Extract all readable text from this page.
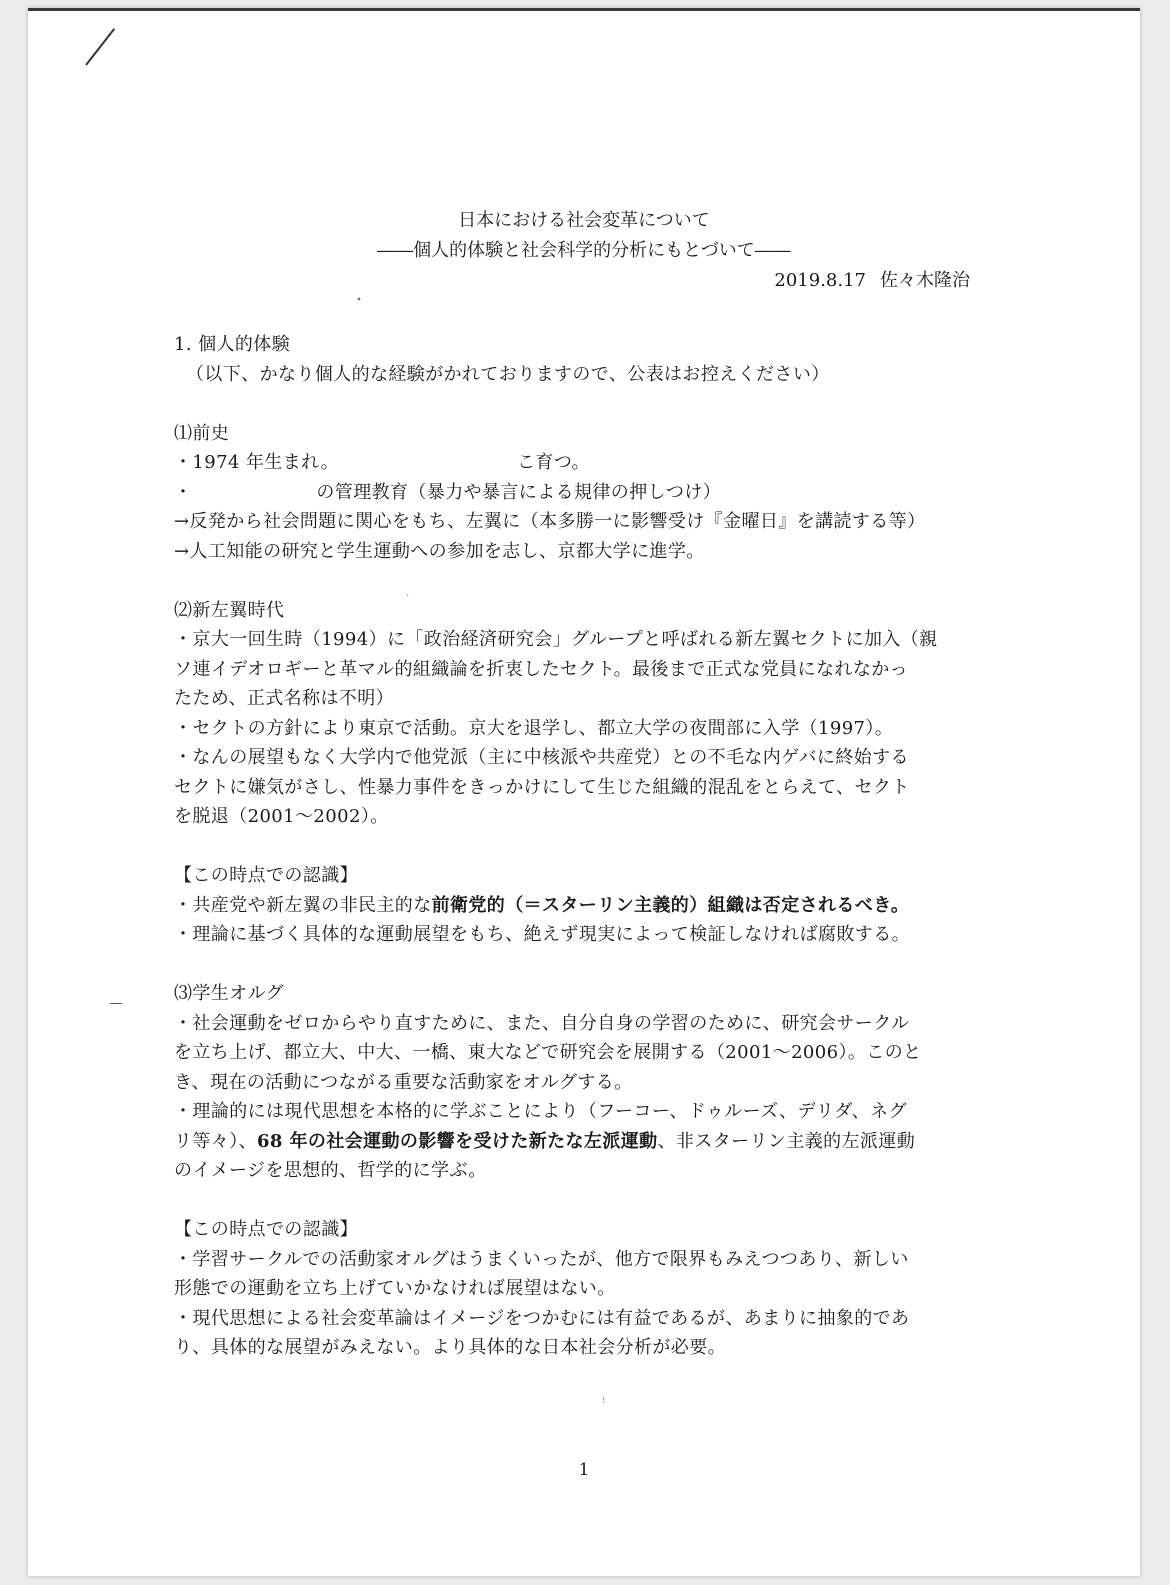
•
·
⁝
日本における社会変革について
――個人的体験と社会科学的分析にもとづいて――
2019.8.17 佐々木隆治

1. 個人的体験

（以下、かなり個人的な経験がかれておりますので、公表はお控えください）

⑴前史

・1974 年生まれ。	こ育つ。

・	の管理教育（暴力や暴言による規律の押しつけ）

→反発から社会問題に関心をもち、左翼に（本多勝一に影響受け『金曜日』を講読する等）

→人工知能の研究と学生運動への参加を志し、京都大学に進学。

⑵新左翼時代

・京大一回生時（1994）に「政治経済研究会」グループと呼ばれる新左翼セクトに加入（親

ソ連イデオロギーと革マル的組織論を折衷したセクト。最後まで正式な党員になれなかっ

たため、正式名称は不明）

・セクトの方針により東京で活動。京大を退学し、都立大学の夜間部に入学（1997）。

・なんの展望もなく大学内で他党派（主に中核派や共産党）との不毛な内ゲバに終始する

セクトに嫌気がさし、性暴力事件をきっかけにして生じた組織的混乱をとらえて、セクト

を脱退（2001～2002）。

【この時点での認識】

・共産党や新左翼の非民主的な前衛党的（＝スターリン主義的）組織は否定されるべき。

・理論に基づく具体的な運動展望をもち、絶えず現実によって検証しなければ腐敗する。

⑶学生オルグ

・社会運動をゼロからやり直すために、また、自分自身の学習のために、研究会サークル

を立ち上げ、都立大、中大、一橋、東大などで研究会を展開する（2001～2006）。このと

き、現在の活動につながる重要な活動家をオルグする。

・理論的には現代思想を本格的に学ぶことにより（フーコー、ドゥルーズ、デリダ、ネグ

リ等々）、68 年の社会運動の影響を受けた新たな左派運動、非スターリン主義的左派運動

のイメージを思想的、哲学的に学ぶ。

【この時点での認識】

・学習サークルでの活動家オルグはうまくいったが、他方で限界もみえつつあり、新しい

形態での運動を立ち上げていかなければ展望はない。

・現代思想による社会変革論はイメージをつかむには有益であるが、あまりに抽象的であ

り、具体的な展望がみえない。より具体的な日本社会分析が必要。

1
